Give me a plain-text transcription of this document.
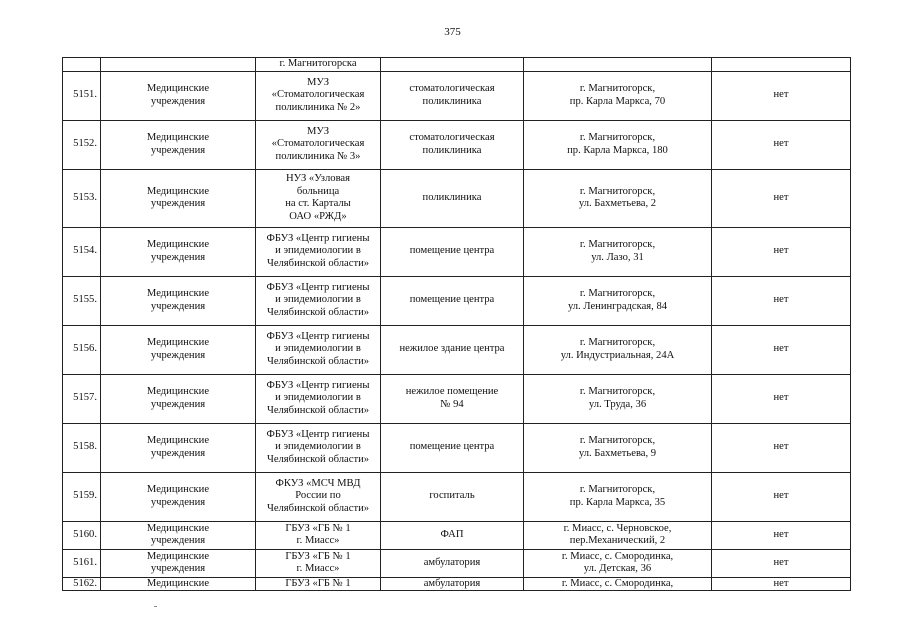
375
		г. Магнитогорска			
5151.	Медицинские
учреждения	МУЗ
«Стоматологическая
поликлиника № 2»	стоматологическая
поликлиника	г. Магнитогорск,
пр. Карла Маркса, 70	нет
5152.	Медицинские
учреждения	МУЗ
«Стоматологическая
поликлиника № 3»	стоматологическая
поликлиника	г. Магнитогорск,
пр. Карла Маркса, 180	нет
5153.	Медицинские
учреждения	НУЗ «Узловая
больница
на ст. Карталы
ОАО «РЖД»	поликлиника	г. Магнитогорск,
ул. Бахметьева, 2	нет
5154.	Медицинские
учреждения	ФБУЗ «Центр гигиены
и эпидемиологии в
Челябинской области»	помещение центра	г. Магнитогорск,
ул. Лазо, 31	нет
5155.	Медицинские
учреждения	ФБУЗ «Центр гигиены
и эпидемиологии в
Челябинской области»	помещение центра	г. Магнитогорск,
ул. Ленинградская, 84	нет
5156.	Медицинские
учреждения	ФБУЗ «Центр гигиены
и эпидемиологии в
Челябинской области»	нежилое здание центра	г. Магнитогорск,
ул. Индустриальная, 24А	нет
5157.	Медицинские
учреждения	ФБУЗ «Центр гигиены
и эпидемиологии в
Челябинской области»	нежилое помещение
№ 94	г. Магнитогорск,
ул. Труда, 36	нет
5158.	Медицинские
учреждения	ФБУЗ «Центр гигиены
и эпидемиологии в
Челябинской области»	помещение центра	г. Магнитогорск,
ул. Бахметьева, 9	нет
5159.	Медицинские
учреждения	ФКУЗ «МСЧ МВД
России по
Челябинской области»	госпиталь	г. Магнитогорск,
пр. Карла Маркса, 35	нет
5160.	Медицинские
учреждения	ГБУЗ «ГБ № 1
г. Миасс»	ФАП	г. Миасс, с. Черновское,
пер.Механический, 2	нет
5161.	Медицинские
учреждения	ГБУЗ «ГБ № 1
г. Миасс»	амбулатория	г. Миасс, с. Смородинка,
ул. Детская, 36	нет
5162.	Медицинские	ГБУЗ «ГБ № 1	амбулатория	г. Миасс, с. Смородинка,	нет
